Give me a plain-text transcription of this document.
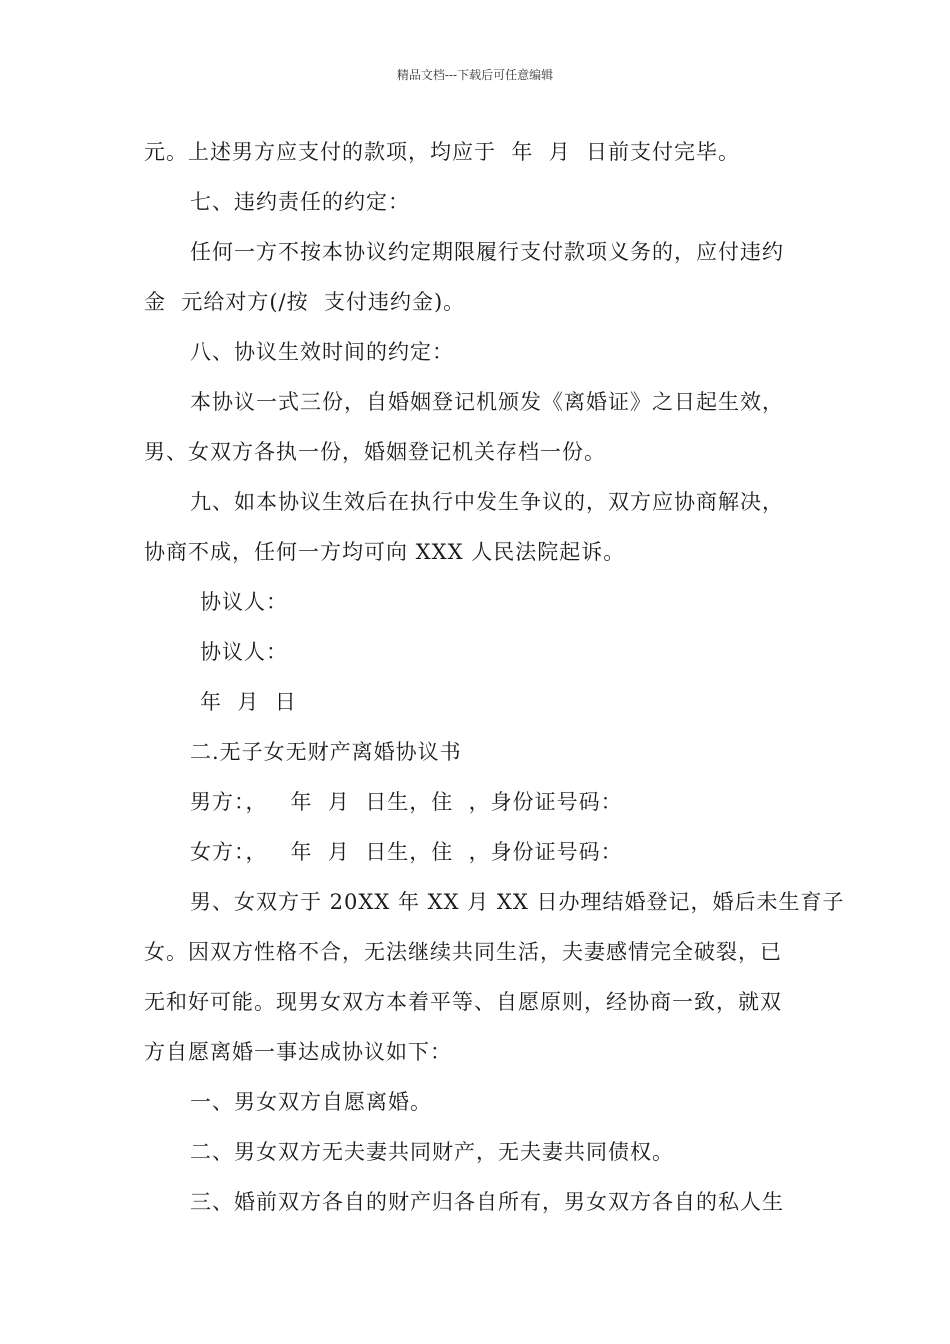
精品文档---下载后可任意编辑
元。上述男方应支付的款项，均应于  年  月  日前支付完毕。
七、违约责任的约定：
任何一方不按本协议约定期限履行支付款项义务的，应付违约
金  元给对方(/按  支付违约金)。
八、协议生效时间的约定：
本协议一式三份，自婚姻登记机颁发《离婚证》之日起生效，
男、女双方各执一份，婚姻登记机关存档一份。
九、如本协议生效后在执行中发生争议的，双方应协商解决，
协商不成，任何一方均可向 XXX 人民法院起诉。
协议人：
协议人：
年  月  日
二.无子女无财产离婚协议书
男方：，   年  月  日生，住  ，身份证号码：
女方：，   年  月  日生，住  ，身份证号码：
男、女双方于 20XX 年 XX 月 XX 日办理结婚登记，婚后未生育子
女。因双方性格不合，无法继续共同生活，夫妻感情完全破裂，已
无和好可能。现男女双方本着平等、自愿原则，经协商一致，就双
方自愿离婚一事达成协议如下：
一、男女双方自愿离婚。
二、男女双方无夫妻共同财产，无夫妻共同债权。
三、婚前双方各自的财产归各自所有，男女双方各自的私人生
